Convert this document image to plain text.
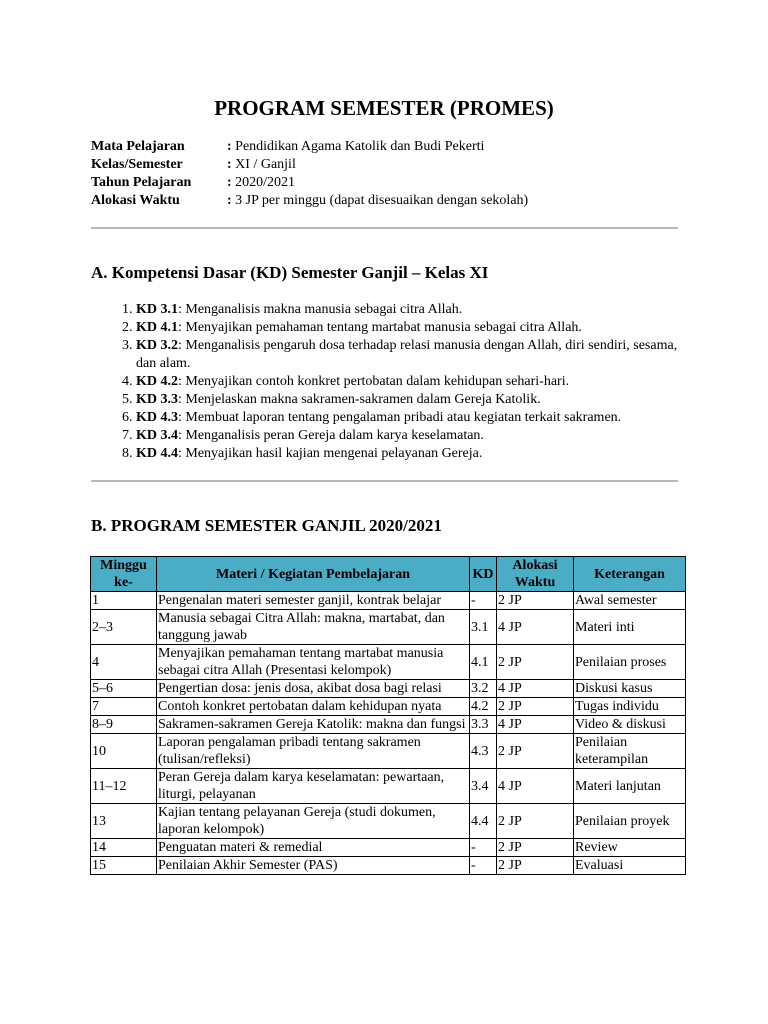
PROGRAM SEMESTER (PROMES)
Mata Pelajaran	: Pendidikan Agama Katolik dan Budi Pekerti
Kelas/Semester	: XI / Ganjil
Tahun Pelajaran	: 2020/2021
Alokasi Waktu	: 3 JP per minggu (dapat disesuaikan dengan sekolah)
A. Kompetensi Dasar (KD) Semester Ganjil – Kelas XI
1. KD 3.1: Menganalisis makna manusia sebagai citra Allah.
2. KD 4.1: Menyajikan pemahaman tentang martabat manusia sebagai citra Allah.
3. KD 3.2: Menganalisis pengaruh dosa terhadap relasi manusia dengan Allah, diri sendiri, sesama, dan alam.
4. KD 4.2: Menyajikan contoh konkret pertobatan dalam kehidupan sehari-hari.
5. KD 3.3: Menjelaskan makna sakramen-sakramen dalam Gereja Katolik.
6. KD 4.3: Membuat laporan tentang pengalaman pribadi atau kegiatan terkait sakramen.
7. KD 3.4: Menganalisis peran Gereja dalam karya keselamatan.
8. KD 4.4: Menyajikan hasil kajian mengenai pelayanan Gereja.
B. PROGRAM SEMESTER GANJIL 2020/2021
Minggu ke-	Materi / Kegiatan Pembelajaran	KD	Alokasi Waktu	Keterangan
1	Pengenalan materi semester ganjil, kontrak belajar	-	2 JP	Awal semester
2–3	Manusia sebagai Citra Allah: makna, martabat, dan tanggung jawab	3.1	4 JP	Materi inti
4	Menyajikan pemahaman tentang martabat manusia sebagai citra Allah (Presentasi kelompok)	4.1	2 JP	Penilaian proses
5–6	Pengertian dosa: jenis dosa, akibat dosa bagi relasi	3.2	4 JP	Diskusi kasus
7	Contoh konkret pertobatan dalam kehidupan nyata	4.2	2 JP	Tugas individu
8–9	Sakramen-sakramen Gereja Katolik: makna dan fungsi	3.3	4 JP	Video & diskusi
10	Laporan pengalaman pribadi tentang sakramen (tulisan/refleksi)	4.3	2 JP	Penilaian keterampilan
11–12	Peran Gereja dalam karya keselamatan: pewartaan, liturgi, pelayanan	3.4	4 JP	Materi lanjutan
13	Kajian tentang pelayanan Gereja (studi dokumen, laporan kelompok)	4.4	2 JP	Penilaian proyek
14	Penguatan materi & remedial	-	2 JP	Review
15	Penilaian Akhir Semester (PAS)	-	2 JP	Evaluasi
